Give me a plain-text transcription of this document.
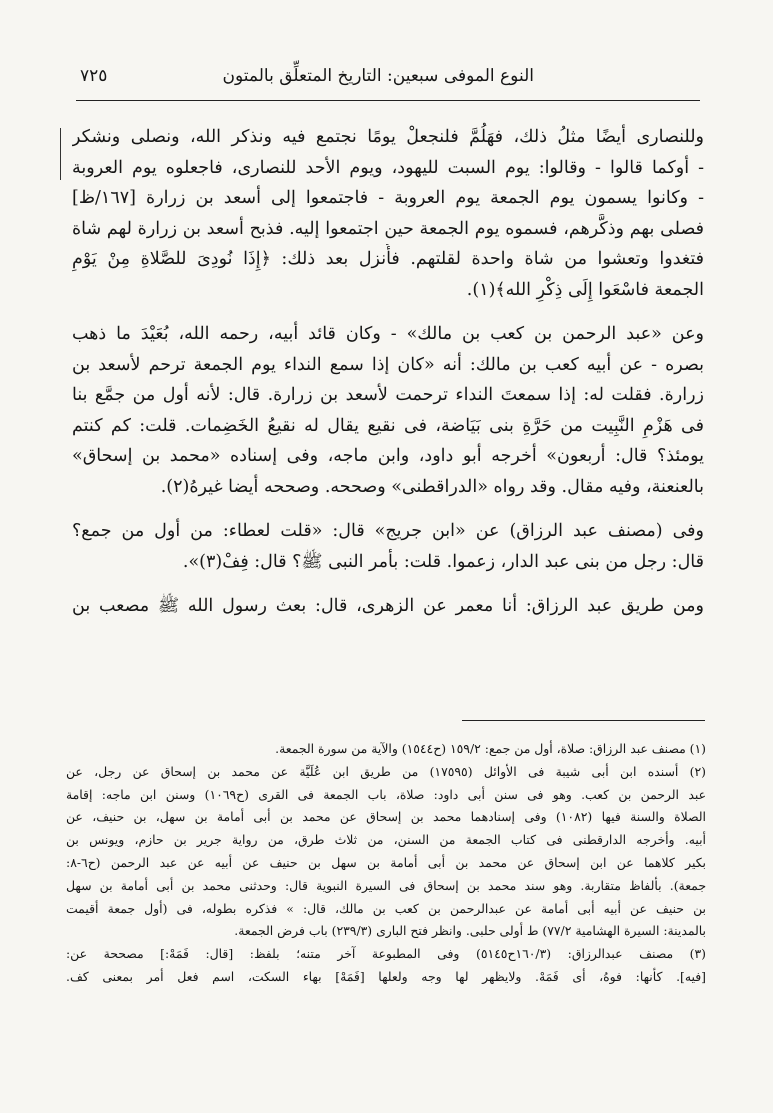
النوع الموفى سبعين: التاريخ المتعلِّق بالمتون
٧٢٥
وللنصارى أيضًا مثلُ ذلك، فهَلُمَّ فلنجعلْ يومًا نجتمع فيه ونذكر الله، ونصلى ونشكر
- أوكما قالوا - وقالوا: يوم السبت لليهود، ويوم الأحد للنصارى، فاجعلوه يوم العروبة
- وكانوا يسمون يوم الجمعة يوم العروبة - فاجتمعوا إلى أسعد بن زرارة [١٦٧/ظ]
فصلى بهم وذكَّرهم، فسموه يوم الجمعة حين اجتمعوا إليه. فذبح أسعد بن زرارة لهم شاة
فتغدوا وتعشوا من شاة واحدة لقلتهم. فأُنزل بعد ذلك: ﴿إِذَا نُودِىَ للصَّلاةِ مِنْ يَوْمِ
الجمعة فاسْعَوا إِلَى ذِكْرِ الله﴾(١).
وعن «عبد الرحمن بن كعب بن مالك» - وكان قائد أبيه، رحمه الله، بُعَيْدَ ما ذهب
بصره - عن أبيه كعب بن مالك: أنه «كان إذا سمع النداء يوم الجمعة ترحم لأسعد بن
زرارة. فقلت له: إذا سمعتَ النداء ترحمت لأسعد بن زرارة. قال: لأنه أول من جمَّع بنا
فى هَزْمِ النَّبِيت من حَرَّةِ بنى بَيَاضة، فى نقيع يقال له نقيعُ الخَضِمات. قلت: كم كنتم
يومئذ؟ قال: أربعون» أخرجه أبو داود، وابن ماجه، وفى إسناده «محمد بن إسحاق»
بالعنعنة، وفيه مقال. وقد رواه «الدراقطنى» وصححه. وصححه أيضا غيرهُ(٢).
وفى (مصنف عبد الرزاق) عن «ابن جريج» قال: «قلت لعطاء: من أول من جمع؟
قال: رجل من بنى عبد الدار، زعموا. قلت: بأمر النبى ﷺ؟ قال: فِفْ(٣)».
ومن طريق عبد الرزاق: أنا معمر عن الزهرى، قال: بعث رسول الله ﷺ مصعب بن
(١) مصنف عبد الرزاق: صلاة، أول من جمع: ١٥٩/٢ (ح١٥٤٤) والآية من سورة الجمعة.
(٢) أسنده ابن أبى شيبة فى الأوائل (١٧٥٩٥) من طريق ابن عُلَيَّة عن محمد بن إسحاق عن رجل، عن
عبد الرحمن بن كعب. وهو فى سنن أبى داود: صلاة، باب الجمعة فى القرى (ح١٠٦٩) وسنن ابن ماجه: إقامة
الصلاة والسنة فيها (١٠٨٢) وفى إسنادهما محمد بن إسحاق عن محمد بن أبى أمامة بن سهل، بن حنيف، عن
أبيه. وأخرجه الدارقطنى فى كتاب الجمعة من السنن، من ثلاث طرق، من رواية جرير بن حازم، ويونس بن
بكير كلاهما عن ابن إسحاق عن محمد بن أبى أمامة بن سهل بن حنيف عن أبيه عن عبد الرحمن (ح٦-٨:
جمعة). بألفاظ متقاربة. وهو سند محمد بن إسحاق فى السيرة النبوية قال: وحدثنى محمد بن أبى أمامة بن سهل
بن حنيف عن أبيه أبى أمامة عن عبدالرحمن بن كعب بن مالك، قال: » فذكره بطوله، فى (أول جمعة أقيمت
بالمدينة: السيرة الهشامية ٧٧/٢) ط أولى حلبى. وانظر فتح البارى (٢٣٩/٣) باب فرض الجمعة.
(٣) مصنف عبدالرزاق: (١٦٠/٣ح٥١٤٥) وفى المطبوعة آخر متنه؛ بلفظ: [قال: فَمَهْ:] مصححة عن:
[فيه]. كأنها: فوهُ، أى فَمَهْ. ولايظهر لها وجه ولعلها [فَمَهْ] بهاء السكت، اسم فعل أمر بمعنى كف.
